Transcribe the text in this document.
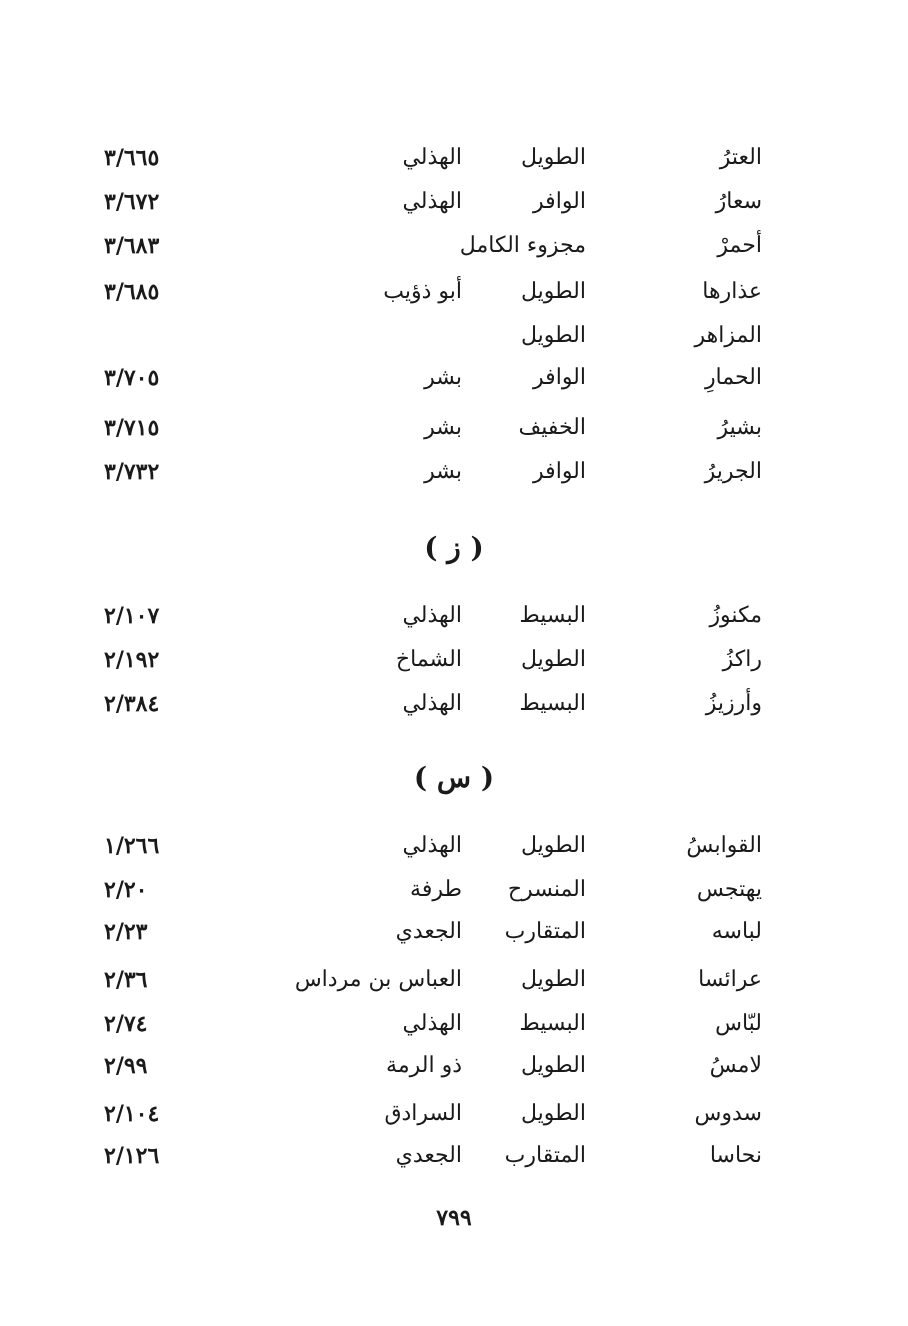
العترُ
الطويل
الهذلي
٣/٦٦٥
سعارُ
الوافر
الهذلي
٣/٦٧٢
أحمرْ
مجزوء الكامل
٣/٦٨٣
عذارها
الطويل
أبو ذؤيب
٣/٦٨٥
المزاهر
الطويل
الحمارِ
الوافر
بشر
٣/٧٠٥
بشيرُ
الخفيف
بشر
٣/٧١٥
الجريرُ
الوافر
بشر
٣/٧٣٢
( ز )
مكنوزُ
البسيط
الهذلي
٢/١٠٧
راكزُ
الطويل
الشماخ
٢/١٩٢
وأرزيزُ
البسيط
الهذلي
٢/٣٨٤
( س )
القوابسُ
الطويل
الهذلي
١/٢٦٦
يهتجس
المنسرح
طرفة
٢/٢٠
لباسه
المتقارب
الجعدي
٢/٢٣
عرائسا
الطويل
العباس بن مرداس
٢/٣٦
لبّاس
البسيط
الهذلي
٢/٧٤
لامسُ
الطويل
ذو الرمة
٢/٩٩
سدوس
الطويل
السرادق
٢/١٠٤
نحاسا
المتقارب
الجعدي
٢/١٢٦
٧٩٩
